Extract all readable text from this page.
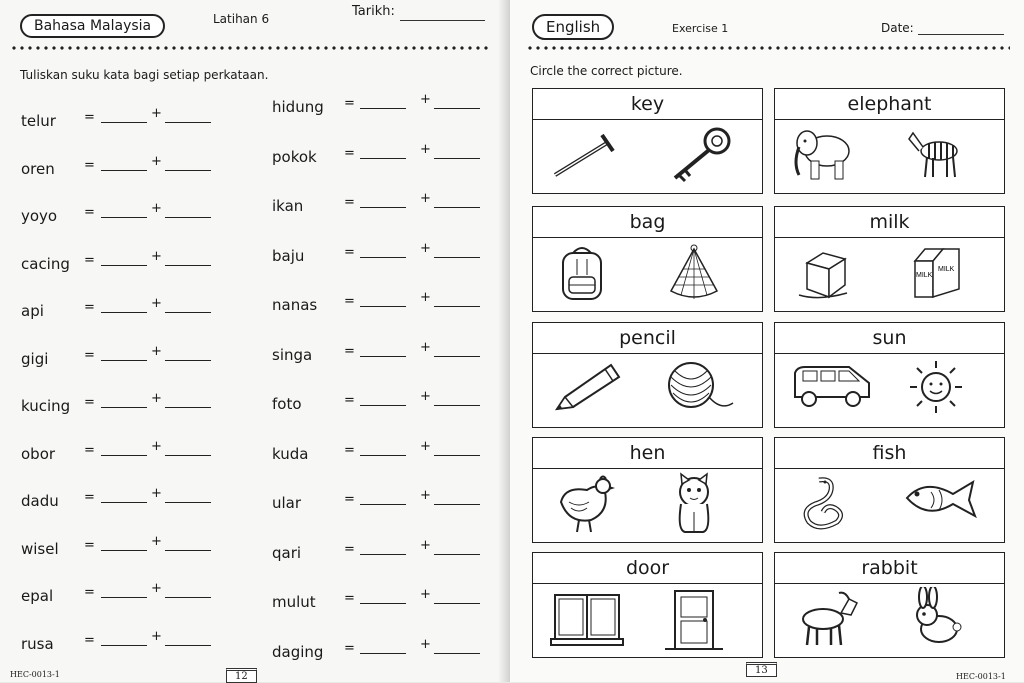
Bahasa Malaysia	Latihan 6	Tarikh:
Tuliskan suku kata bagi setiap perkataan.
telur =	+
oren =	+
yoyo =	+
cacing =	+
api	=	+
gigi	=	+
kucing =	+
obor =	+
dadu =	+
wisel =	+
epal =	+
rusa =	+
hidung =	+
pokok =	+
ikan	=	+
baju	=	+
nanas =	+
singa =	+
foto	=	+
kuda	=	+
ular	=	+
qari	=	+
mulut =	+
daging =	+
HEC-0013-1	12
English	Exercise 1	Date:
Circle the correct picture.
key	elephant
bag	milk
MILK
MILK
pencil	sun
hen	fish
door	rabbit
13
HEC-0013-1
